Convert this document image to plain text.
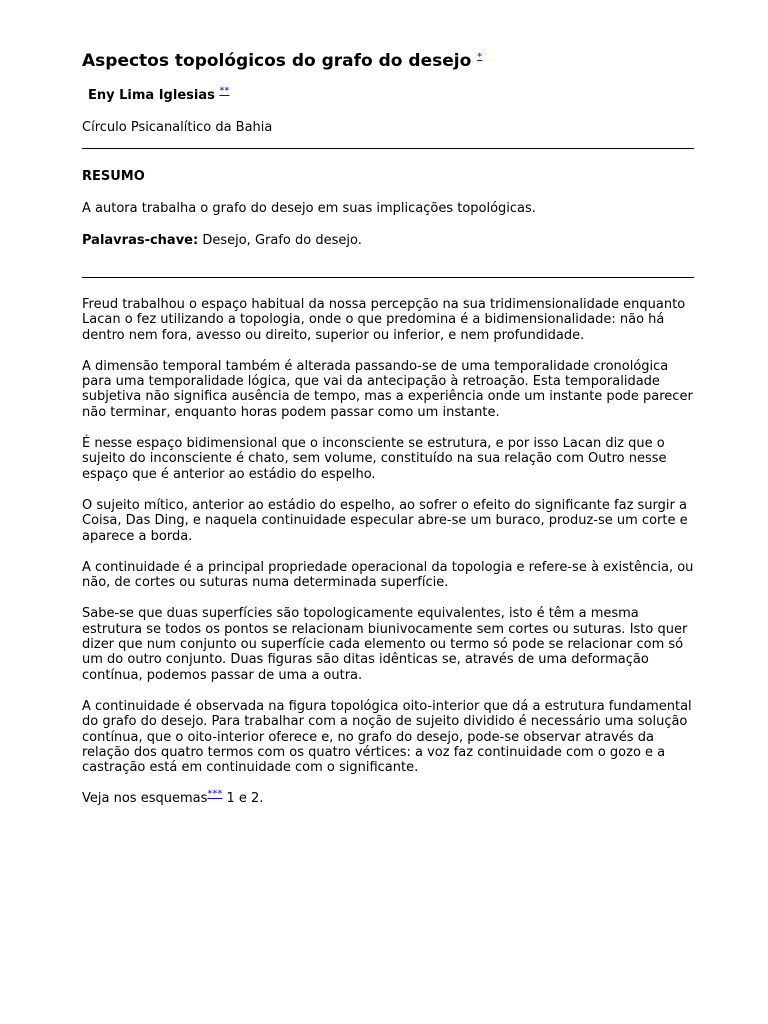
Aspectos topológicos do grafo do desejo *

Eny Lima Iglesias **

Círculo Psicanalítico da Bahia

RESUMO

A autora trabalha o grafo do desejo em suas implicações topológicas.

Palavras-chave: Desejo, Grafo do desejo.

Freud trabalhou o espaço habitual da nossa percepção na sua tridimensionalidade enquanto Lacan o fez utilizando a topologia, onde o que predomina é a bidimensionalidade: não há dentro nem fora, avesso ou direito, superior ou inferior, e nem profundidade.

A dimensão temporal também é alterada passando-se de uma temporalidade cronológica para uma temporalidade lógica, que vai da antecipação à retroação. Esta temporalidade subjetiva não significa ausência de tempo, mas a experiência onde um instante pode parecer não terminar, enquanto horas podem passar como um instante.

É nesse espaço bidimensional que o inconsciente se estrutura, e por isso Lacan diz que o sujeito do inconsciente é chato, sem volume, constituído na sua relação com Outro nesse espaço que é anterior ao estádio do espelho.

O sujeito mítico, anterior ao estádio do espelho, ao sofrer o efeito do significante faz surgir a Coisa, Das Ding, e naquela continuidade especular abre-se um buraco, produz-se um corte e aparece a borda.

A continuidade é a principal propriedade operacional da topologia e refere-se à existência, ou não, de cortes ou suturas numa determinada superfície.

Sabe-se que duas superfícies são topologicamente equivalentes, isto é têm a mesma estrutura se todos os pontos se relacionam biunivocamente sem cortes ou suturas. Isto quer dizer que num conjunto ou superfície cada elemento ou termo só pode se relacionar com só um do outro conjunto. Duas figuras são ditas idênticas se, através de uma deformação contínua, podemos passar de uma a outra.

A continuidade é observada na figura topológica oito-interior que dá a estrutura fundamental do grafo do desejo. Para trabalhar com a noção de sujeito dividido é necessário uma solução contínua, que o oito-interior oferece e, no grafo do desejo, pode-se observar através da relação dos quatro termos com os quatro vértices: a voz faz continuidade com o gozo e a castração está em continuidade com o significante.

Veja nos esquemas*** 1 e 2.
